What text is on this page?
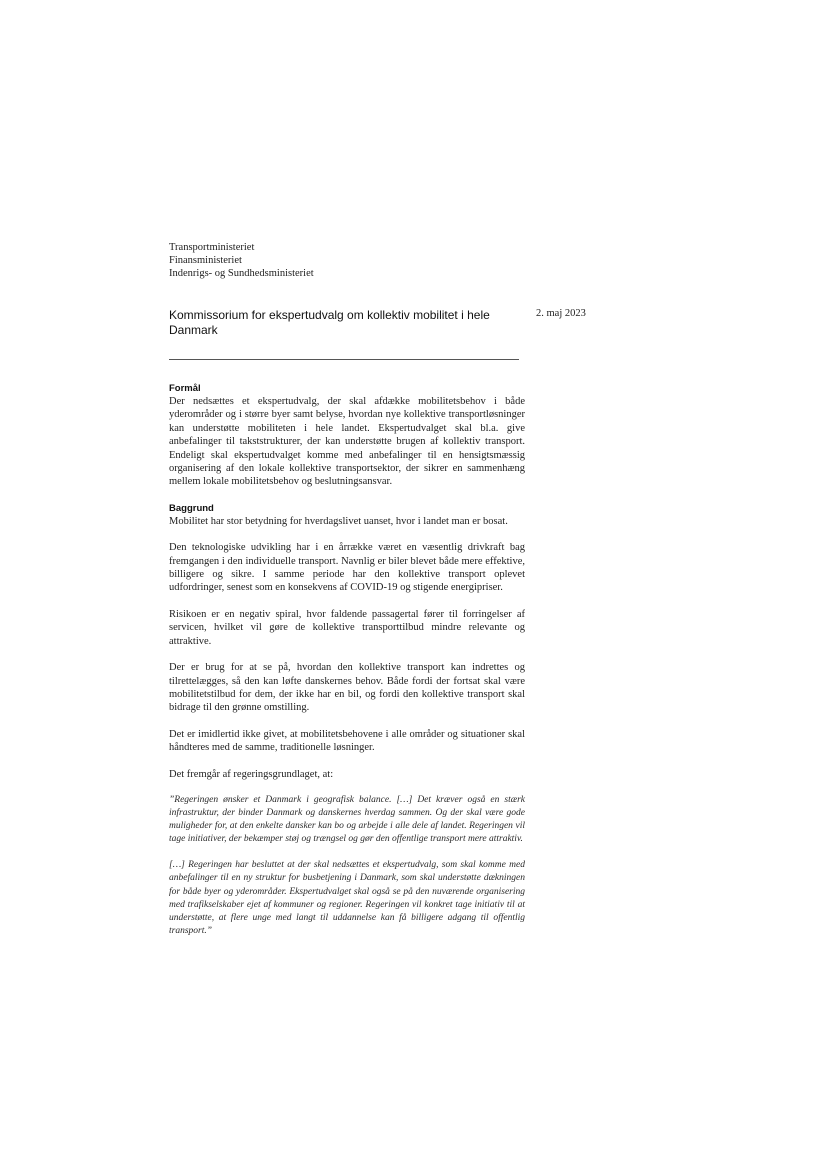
Transportministeriet
Finansministeriet
Indenrigs- og Sundhedsministeriet
Kommissorium for ekspertudvalg om kollektiv mobilitet i hele Danmark
2. maj 2023
Formål

Der nedsættes et ekspertudvalg, der skal afdække mobilitetsbehov i både yderområder og i større byer samt belyse, hvordan nye kollektive transportløsninger kan understøtte mobiliteten i hele landet. Ekspertudvalget skal bl.a. give anbefalinger til takststrukturer, der kan understøtte brugen af kollektiv transport. Endeligt skal ekspertudvalget komme med anbefalinger til en hensigtsmæssig organisering af den lokale kollektive transportsektor, der sikrer en sammenhæng mellem lokale mobilitetsbehov og beslutningsansvar.

Baggrund

Mobilitet har stor betydning for hverdagslivet uanset, hvor i landet man er bosat.

Den teknologiske udvikling har i en årrække været en væsentlig drivkraft bag fremgangen i den individuelle transport. Navnlig er biler blevet både mere effektive, billigere og sikre. I samme periode har den kollektive transport oplevet udfordringer, senest som en konsekvens af COVID-19 og stigende energipriser.

Risikoen er en negativ spiral, hvor faldende passagertal fører til forringelser af servicen, hvilket vil gøre de kollektive transporttilbud mindre relevante og attraktive.

Der er brug for at se på, hvordan den kollektive transport kan indrettes og tilrettelægges, så den kan løfte danskernes behov. Både fordi der fortsat skal være mobilitetstilbud for dem, der ikke har en bil, og fordi den kollektive transport skal bidrage til den grønne omstilling.

Det er imidlertid ikke givet, at mobilitetsbehovene i alle områder og situationer skal håndteres med de samme, traditionelle løsninger.

Det fremgår af regeringsgrundlaget, at:

”Regeringen ønsker et Danmark i geografisk balance. […] Det kræver også en stærk infrastruktur, der binder Danmark og danskernes hverdag sammen. Og der skal være gode muligheder for, at den enkelte dansker kan bo og arbejde i alle dele af landet. Regeringen vil tage initiativer, der bekæmper støj og trængsel og gør den offentlige transport mere attraktiv.

[…] Regeringen har besluttet at der skal nedsættes et ekspertudvalg, som skal komme med anbefalinger til en ny struktur for busbetjening i Danmark, som skal understøtte dækningen for både byer og yderområder. Ekspertudvalget skal også se på den nuværende organisering med trafikselskaber ejet af kommuner og regioner. Regeringen vil konkret tage initiativ til at understøtte, at flere unge med langt til uddannelse kan få billigere adgang til offentlig transport.”
